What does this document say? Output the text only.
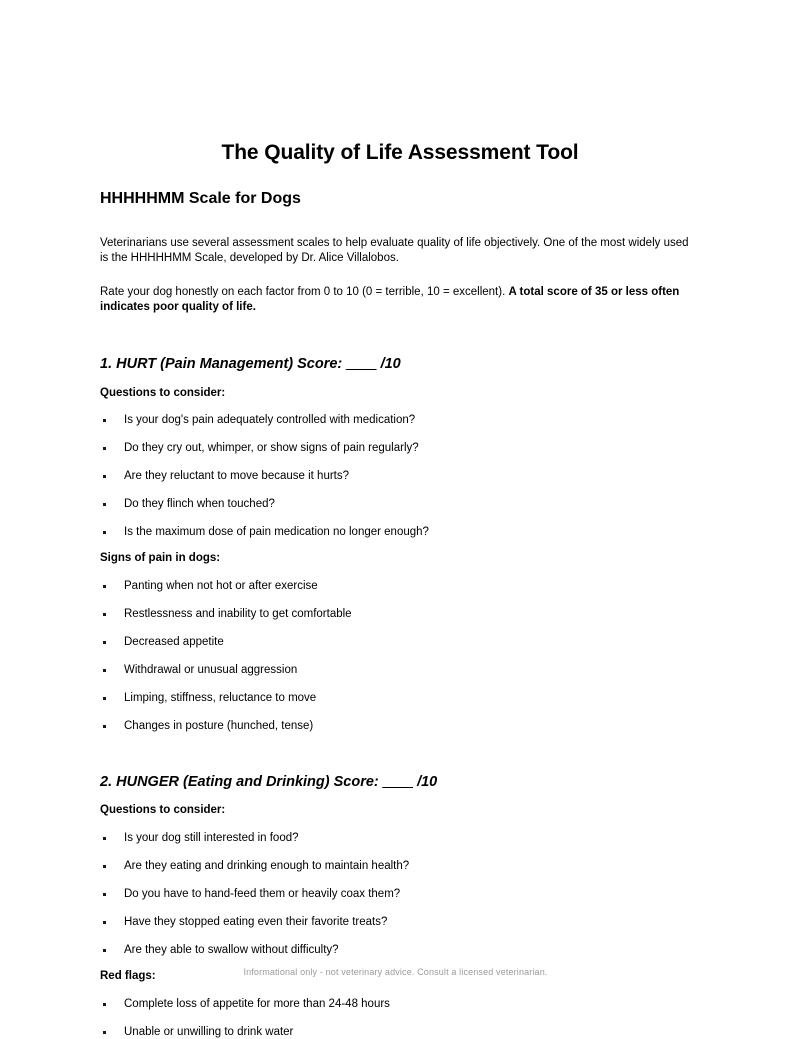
The Quality of Life Assessment Tool
HHHHHMM Scale for Dogs

Veterinarians use several assessment scales to help evaluate quality of life objectively. One of the most widely used is the HHHHHMM Scale, developed by Dr. Alice Villalobos.

Rate your dog honestly on each factor from 0 to 10 (0 = terrible, 10 = excellent). A total score of 35 or less often indicates poor quality of life.

1. HURT (Pain Management) Score: ____ /10
Questions to consider:
Is your dog's pain adequately controlled with medication?
Do they cry out, whimper, or show signs of pain regularly?
Are they reluctant to move because it hurts?
Do they flinch when touched?
Is the maximum dose of pain medication no longer enough?
Signs of pain in dogs:
Panting when not hot or after exercise
Restlessness and inability to get comfortable
Decreased appetite
Withdrawal or unusual aggression
Limping, stiffness, reluctance to move
Changes in posture (hunched, tense)
2. HUNGER (Eating and Drinking) Score: ____ /10
Questions to consider:
Is your dog still interested in food?
Are they eating and drinking enough to maintain health?
Do you have to hand-feed them or heavily coax them?
Have they stopped eating even their favorite treats?
Are they able to swallow without difficulty?
Red flags:
Complete loss of appetite for more than 24-48 hours
Unable or unwilling to drink water
Informational only - not veterinary advice. Consult a licensed veterinarian.
